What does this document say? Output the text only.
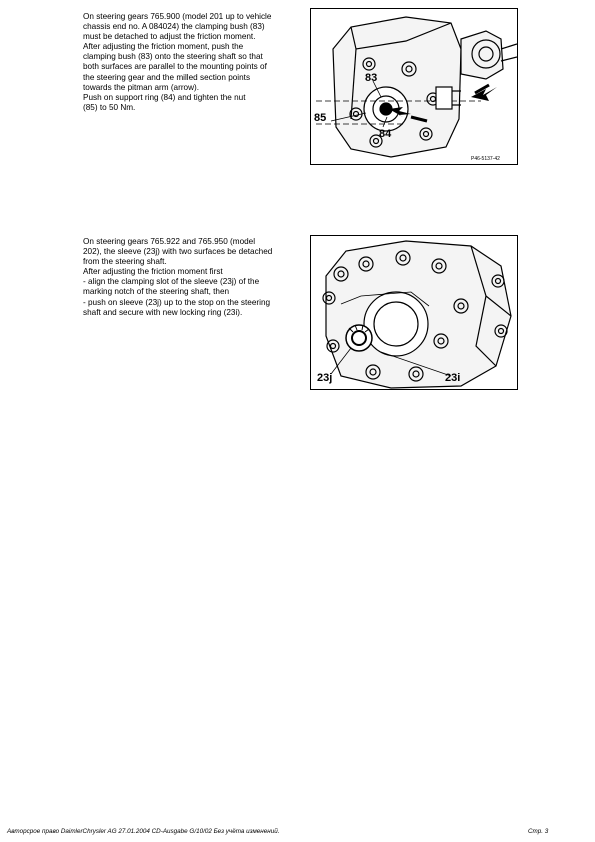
On steering gears 765.900 (model 201 up to vehicle

chassis end no. A 084024) the clamping bush (83)

must be detached to adjust the friction moment.

After adjusting the friction moment, push the

clamping bush (83) onto the steering shaft so that

both surfaces are parallel to the mounting points of

the steering gear and the milled section points

towards the pitman arm (arrow).

Push on support ring (84) and tighten the nut

(85) to 50 Nm.

83
85
84
P46-5137-42

On steering gears 765.922 and 765.950 (model

202), the sleeve (23j) with two surfaces be detached

from the steering shaft.

After adjusting the friction moment first

- align the clamping slot of the sleeve (23j) of the

marking notch of the steering shaft, then

- push on sleeve (23j) up to the stop on the steering

shaft and secure with new locking ring (23i).

23j	23i
Авторсрое право DaimlerChrysler AG 27.01.2004 CD-Ausgabe G/10/02 Без учёта изменений.	Стр. 3
